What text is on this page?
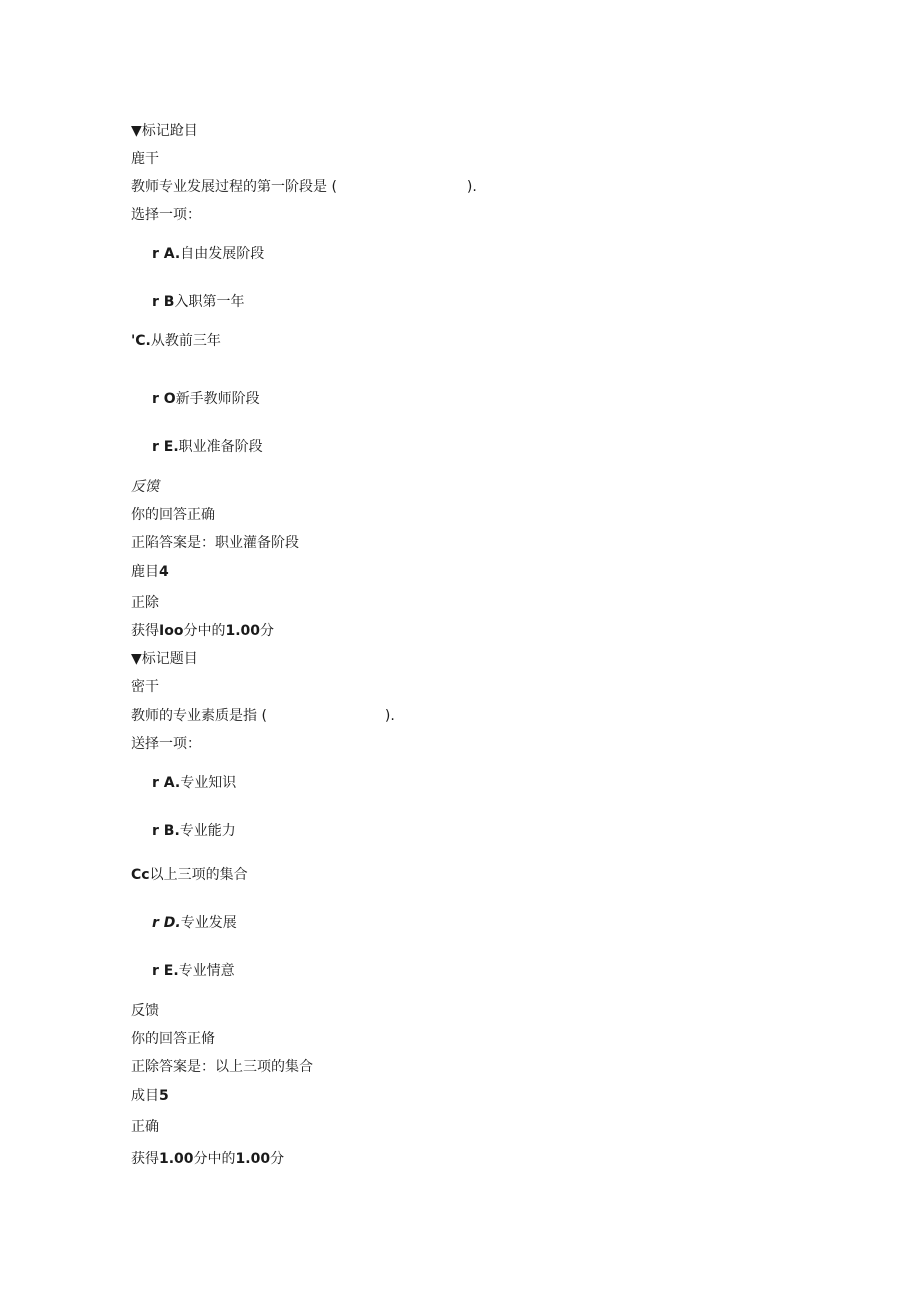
▼标记跄目
鹿干
教师专业发展过程的第一阶段是 (	).
选择一项：
r A.自由发展阶段
r B入职第一年
'C.从教前三年
r O新手教师阶段
r E.职业准备阶段
反馍
你的回答正确
正陷答案是：职业灌备阶段
鹿目4
正除
获得Ioo分中的1.00分
▼标记题目
密干
教师的专业素质是指 (	).
送择一项：
r A.专业知识
r B.专业能力
Cc以上三项的集合
r D.专业发展
r E.专业情意
反馈
你的回答正脩
正除答案是：以上三项的集合
成目5
正确
获得1.00分中的1.00分
